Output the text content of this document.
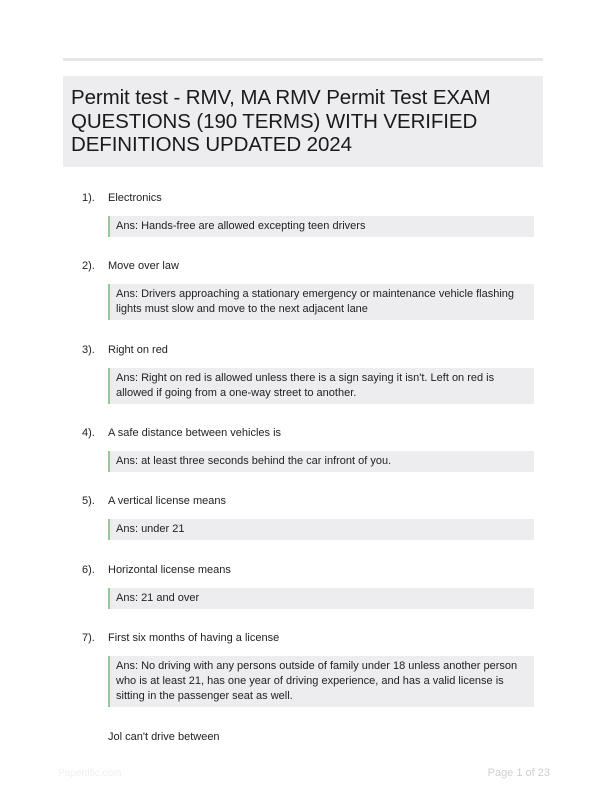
Permit test - RMV, MA RMV Permit Test EXAM QUESTIONS (190 TERMS) WITH VERIFIED DEFINITIONS UPDATED 2024
1). Electronics
Ans: Hands-free are allowed excepting teen drivers
2). Move over law
Ans: Drivers approaching a stationary emergency or maintenance vehicle flashing lights must slow and move to the next adjacent lane
3). Right on red
Ans: Right on red is allowed unless there is a sign saying it isn't. Left on red is allowed if going from a one-way street to another.
4). A safe distance between vehicles is
Ans: at least three seconds behind the car infront of you.
5). A vertical license means
Ans: under 21
6). Horizontal license means
Ans: 21 and over
7). First six months of having a license
Ans: No driving with any persons outside of family under 18 unless another person who is at least 21, has one year of driving experience, and has a valid license is sitting in the passenger seat as well.
Jol can't drive between
Papertific.com	Page 1 of 23
